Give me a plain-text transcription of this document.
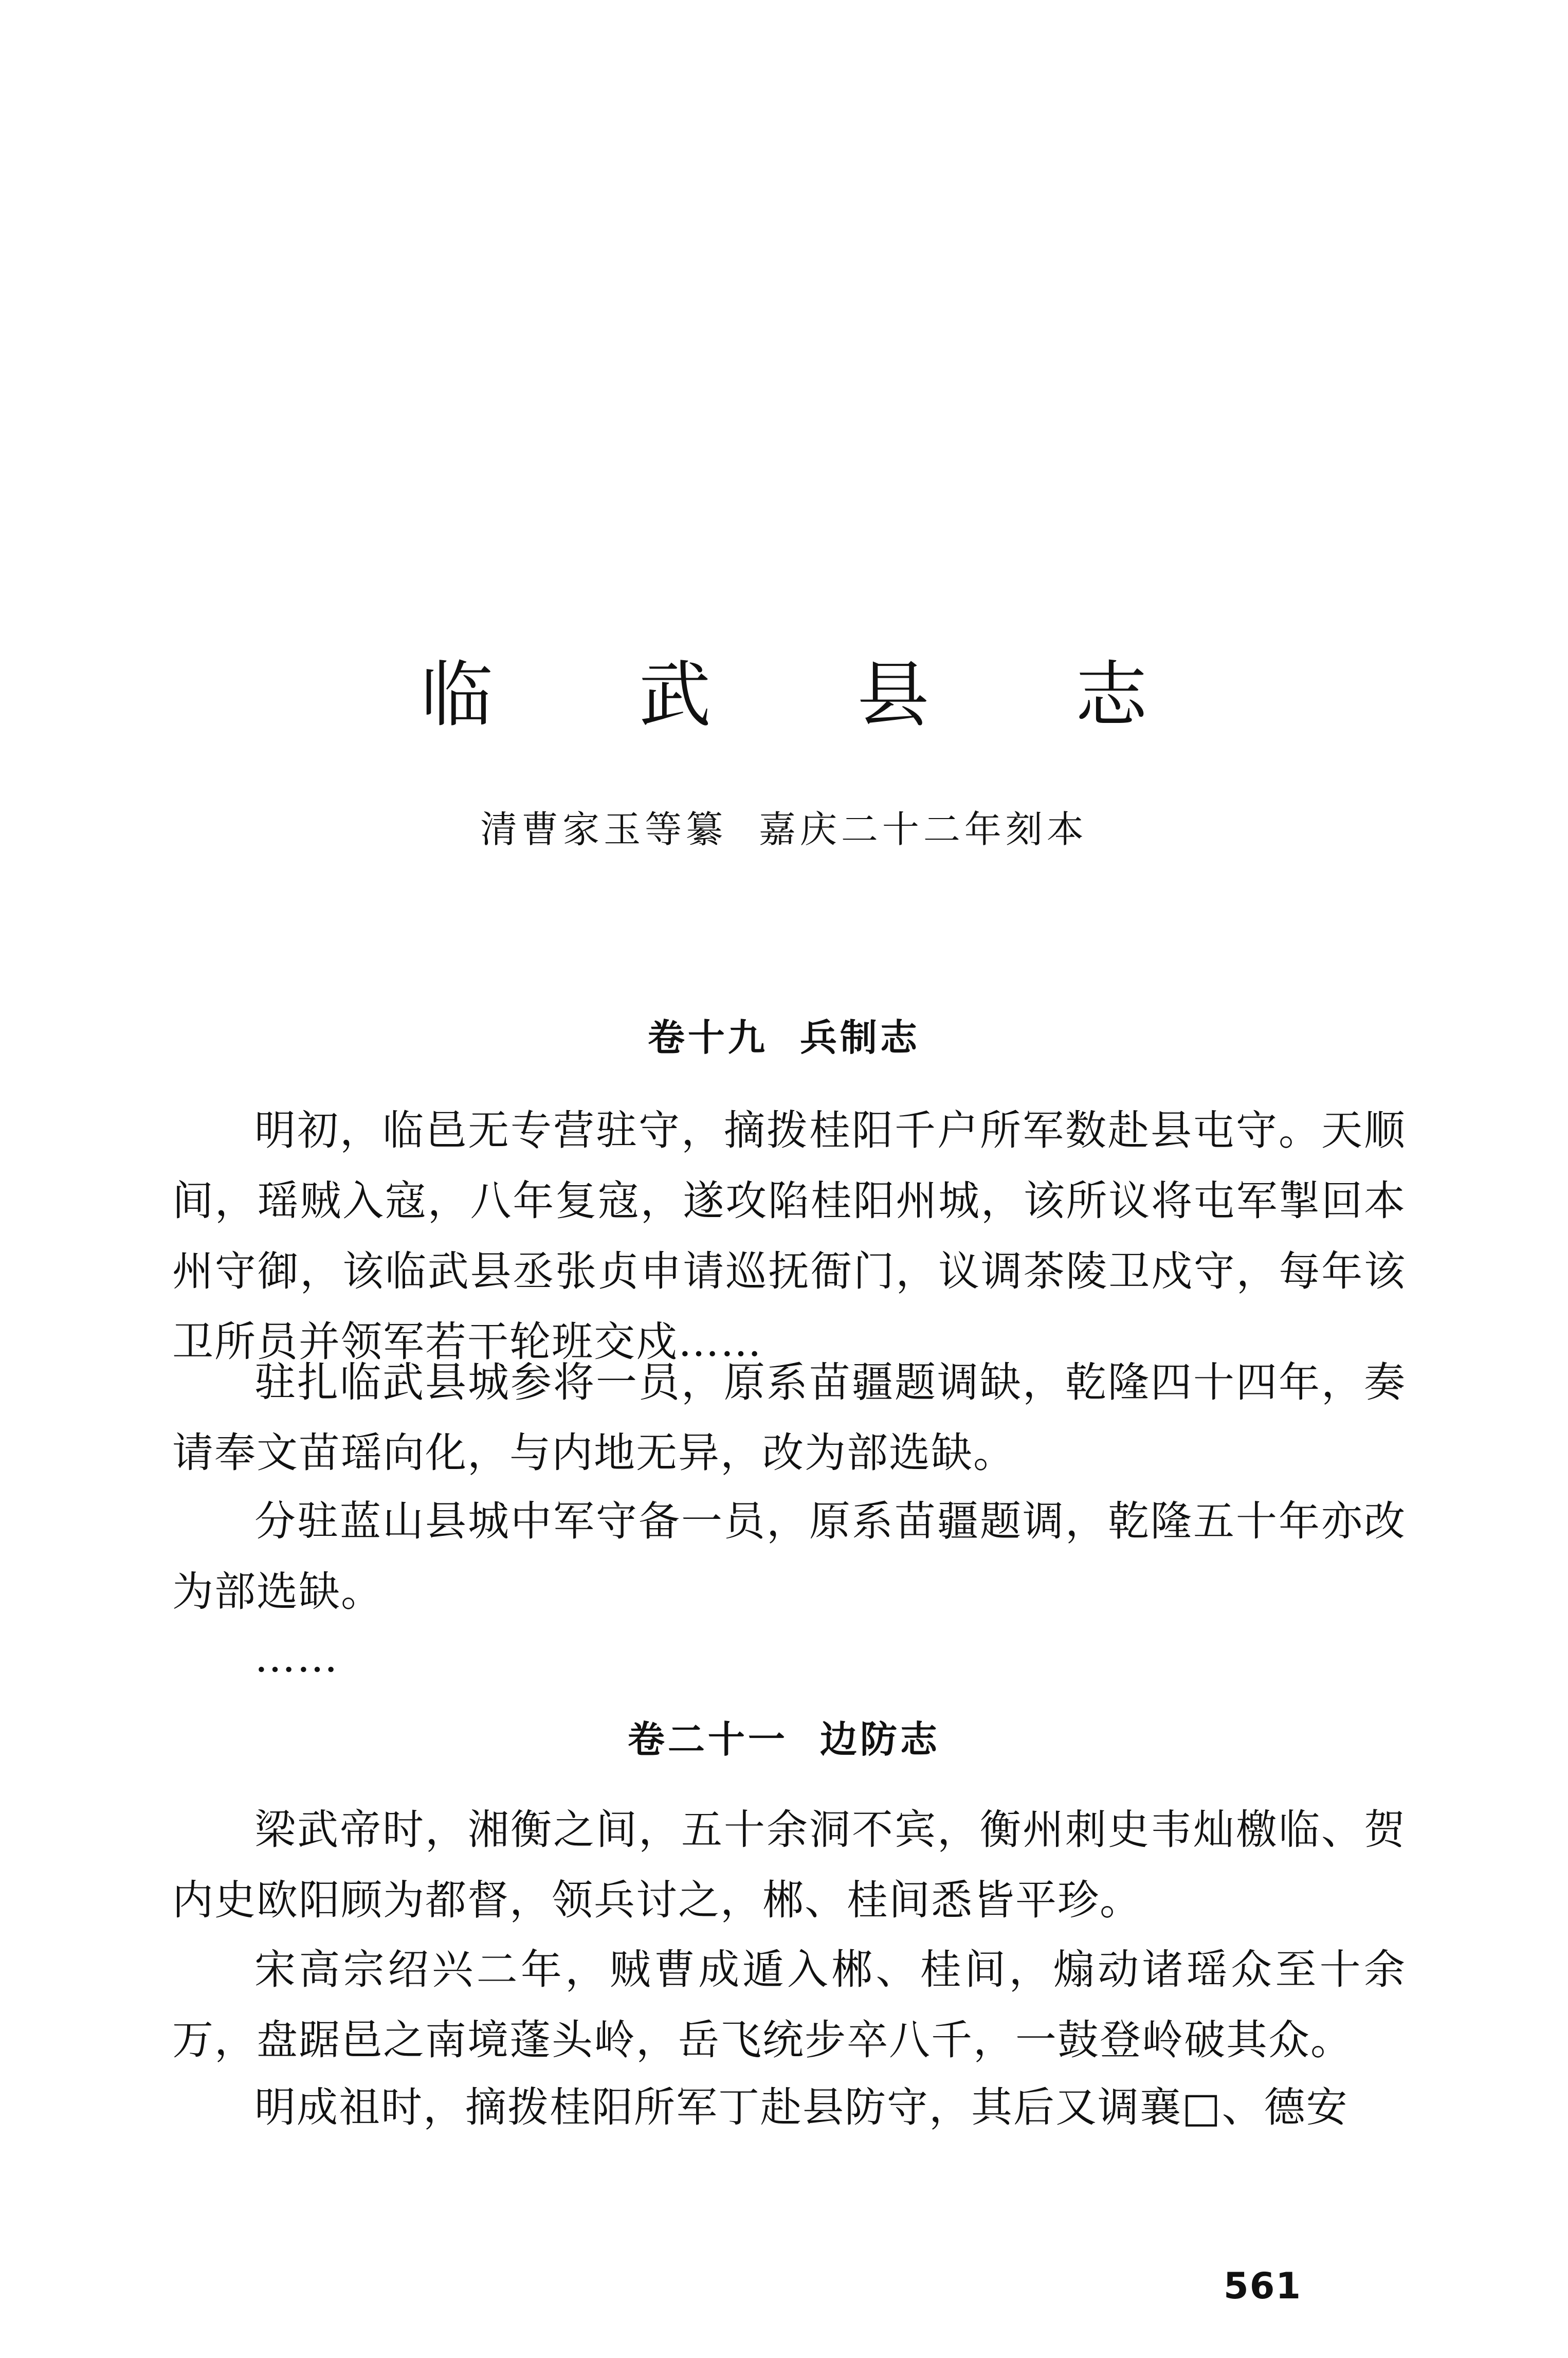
临 武 县 志
清曹家玉等纂  嘉庆二十二年刻本
卷十九  兵制志

明初，临邑无专营驻守，摘拨桂阳千户所军数赴县屯守。天顺间，瑶贼入寇，八年复寇，遂攻陷桂阳州城，该所议将屯军掣回本州守御，该临武县丞张贞申请巡抚衙门，议调茶陵卫戍守，每年该卫所员并领军若干轮班交戍……

驻扎临武县城参将一员，原系苗疆题调缺，乾隆四十四年，奏请奉文苗瑶向化，与内地无异，改为部选缺。

分驻蓝山县城中军守备一员，原系苗疆题调，乾隆五十年亦改为部选缺。

……

卷二十一  边防志

梁武帝时，湘衡之间，五十余洞不宾，衡州刺史韦灿檄临、贺内史欧阳顾为都督，领兵讨之，郴、桂间悉皆平珍。

宋高宗绍兴二年，贼曹成遁入郴、桂间，煽动诸瑶众至十余万，盘踞邑之南境蓬头岭，岳飞统步卒八千，一鼓登岭破其众。

明成祖时，摘拨桂阳所军丁赴县防守，其后又调襄□、德安

561
